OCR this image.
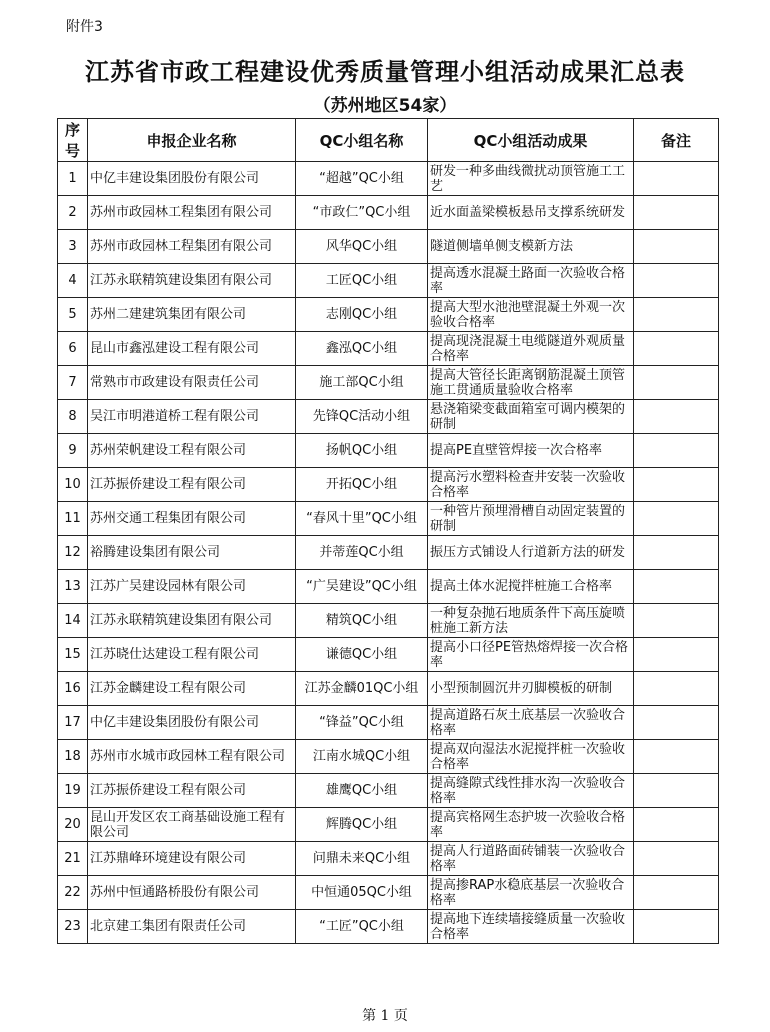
附件3
江苏省市政工程建设优秀质量管理小组活动成果汇总表
（苏州地区54家）
序号	申报企业名称	QC小组名称	QC小组活动成果	备注
1	中亿丰建设集团股份有限公司	“超越”QC小组	研发一种多曲线微扰动顶管施工工艺	
2	苏州市政园林工程集团有限公司	“市政仁”QC小组	近水面盖梁模板悬吊支撑系统研发	
3	苏州市政园林工程集团有限公司	风华QC小组	隧道侧墙单侧支模新方法	
4	江苏永联精筑建设集团有限公司	工匠QC小组	提高透水混凝土路面一次验收合格率	
5	苏州二建建筑集团有限公司	志刚QC小组	提高大型水池池壁混凝土外观一次验收合格率	
6	昆山市鑫泓建设工程有限公司	鑫泓QC小组	提高现浇混凝土电缆隧道外观质量合格率	
7	常熟市市政建设有限责任公司	施工部QC小组	提高大管径长距离钢筋混凝土顶管施工贯通质量验收合格率	
8	吴江市明港道桥工程有限公司	先锋QC活动小组	悬浇箱梁变截面箱室可调内模架的研制	
9	苏州荣帆建设工程有限公司	扬帆QC小组	提高PE直壁管焊接一次合格率	
10	江苏振侨建设工程有限公司	开拓QC小组	提高污水塑料检查井安装一次验收合格率	
11	苏州交通工程集团有限公司	“春风十里”QC小组	一种管片预埋滑槽自动固定装置的研制	
12	裕腾建设集团有限公司	并蒂莲QC小组	振压方式铺设人行道新方法的研发	
13	江苏广吴建设园林有限公司	“广吴建设”QC小组	提高土体水泥搅拌桩施工合格率	
14	江苏永联精筑建设集团有限公司	精筑QC小组	一种复杂抛石地质条件下高压旋喷桩施工新方法	
15	江苏晓仕达建设工程有限公司	谦德QC小组	提高小口径PE管热熔焊接一次合格率	
16	江苏金麟建设工程有限公司	江苏金麟01QC小组	小型预制圆沉井刃脚模板的研制	
17	中亿丰建设集团股份有限公司	“锋益”QC小组	提高道路石灰土底基层一次验收合格率	
18	苏州市水城市政园林工程有限公司	江南水城QC小组	提高双向湿法水泥搅拌桩一次验收合格率	
19	江苏振侨建设工程有限公司	雄鹰QC小组	提高缝隙式线性排水沟一次验收合格率	
20	昆山开发区农工商基础设施工程有限公司	辉腾QC小组	提高宾格网生态护坡一次验收合格率	
21	江苏鼎峰环境建设有限公司	问鼎未来QC小组	提高人行道路面砖铺装一次验收合格率	
22	苏州中恒通路桥股份有限公司	中恒通05QC小组	提高掺RAP水稳底基层一次验收合格率	
23	北京建工集团有限责任公司	“工匠”QC小组	提高地下连续墙接缝质量一次验收合格率	
第 1 页
